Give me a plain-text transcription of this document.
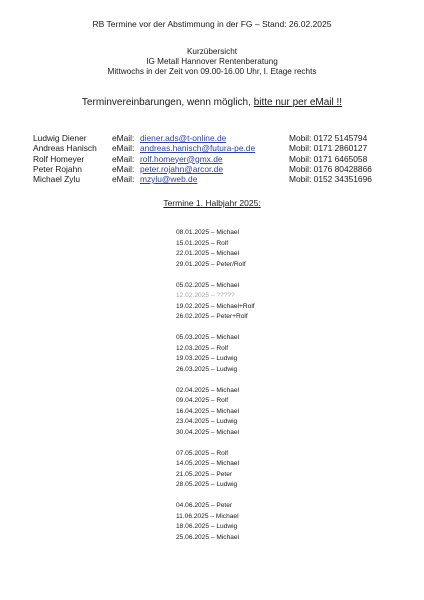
RB Termine vor der Abstimmung in der FG – Stand: 26.02.2025
Kurzübersicht
IG Metall Hannover Rentenberatung
Mittwochs in der Zeit von 09.00-16.00 Uhr, I. Etage rechts
Terminvereinbarungen, wenn möglich, bitte nur per eMail !!
Ludwig Diener	eMail: diener.ads@t-online.de	Mobil: 0172 5145794
Andreas Hanisch eMail: andreas.hanisch@futura-pe.de	Mobil: 0171 2860127
Rolf Homeyer	eMail: rolf.homeyer@gmx.de	Mobil: 0171 6465058
Peter Rojahn	eMail: peter.rojahn@arcor.de	Mobil: 0176 80428866
Michael Zylu	eMail: mzylu@web.de	Mobil: 0152 34351696
Termine 1. Halbjahr 2025:
08.01.2025 – Michael
15.01.2025 – Rolf
22.01.2025 – Michael
29.01.2025 – Peter/Rolf
05.02.2025 – Michael
12.02.2025 – ?????
19.02.2025 – Michael+Rolf
26.02.2025 – Peter+Rolf
05.03.2025 – Michael
12.03.2025 – Rolf
19.03.2025 – Ludwig
26.03.2025 – Ludwig
02.04.2025 – Michael
09.04.2025 – Rolf
16.04.2025 – Michael
23.04.2025 – Ludwig
30.04.2025 – Michael
07.05.2025 – Rolf
14.05.2025 – Michael
21.05.2025 – Peter
28.05.2025 – Ludwig
04.06.2025 – Peter
11.06.2025 – Michael
18.06.2025 – Ludwig
25.06.2025 – Michael
